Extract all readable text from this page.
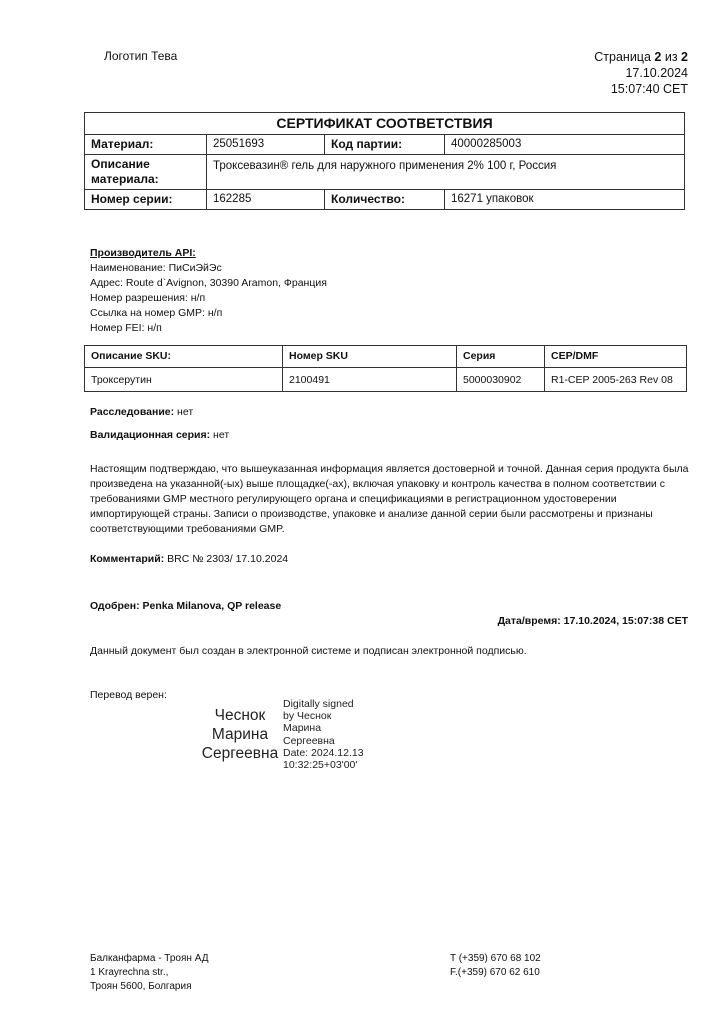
Логотип Тева	Страница 2 из 2
17.10.2024
15:07:40 CET
СЕРТИФИКАТ СООТВЕТСТВИЯ			
Материал:	25051693	Код партии:	40000285003

Описание
материала:	Троксевазин® гель для наружного применения 2% 100 г, Россия		
Номер серии:	162285	Количество:	16271 упаковок
Производитель API:
Наименование: ПиСиЭйЭс
Адрес: Route d`Avignon, 30390 Aramon, Франция
Номер разрешения: н/п
Ссылка на номер GMP: н/п
Номер FEI: н/п
Описание SKU:	Номер SKU	Серия	CEP/DMF
Троксерутин	2100491	5000030902	R1-CEP 2005-263 Rev 08
Расследование: нет
Валидационная серия: нет
Настоящим подтверждаю, что вышеуказанная информация является достоверной и точной. Данная серия продукта была произведена на указанной(-ых) выше площадке(-ах), включая упаковку и контроль качества в полном соответствии с требованиями GMP местного регулирующего органа и спецификациями в регистрационном удостоверении импортирующей страны. Записи о производстве, упаковке и анализе данной серии были рассмотрены и признаны соответствующими требованиями GMP.
Комментарий: BRC № 2303/ 17.10.2024
Одобрен: Penka Milanova, QP release
Дата/время: 17.10.2024, 15:07:38 CET
Данный документ был создан в электронной системе и подписан электронной подписью.
Перевод верен:
Чеснок
Марина
Сергеевна
Digitally signed
by Чеснок
Марина
Сергеевна
Date: 2024.12.13
10:32:25+03'00'
Балканфарма - Троян АД
1 Krayrechna str.,
Троян 5600, Болгария
T (+359) 670 68 102
F.(+359) 670 62 610
